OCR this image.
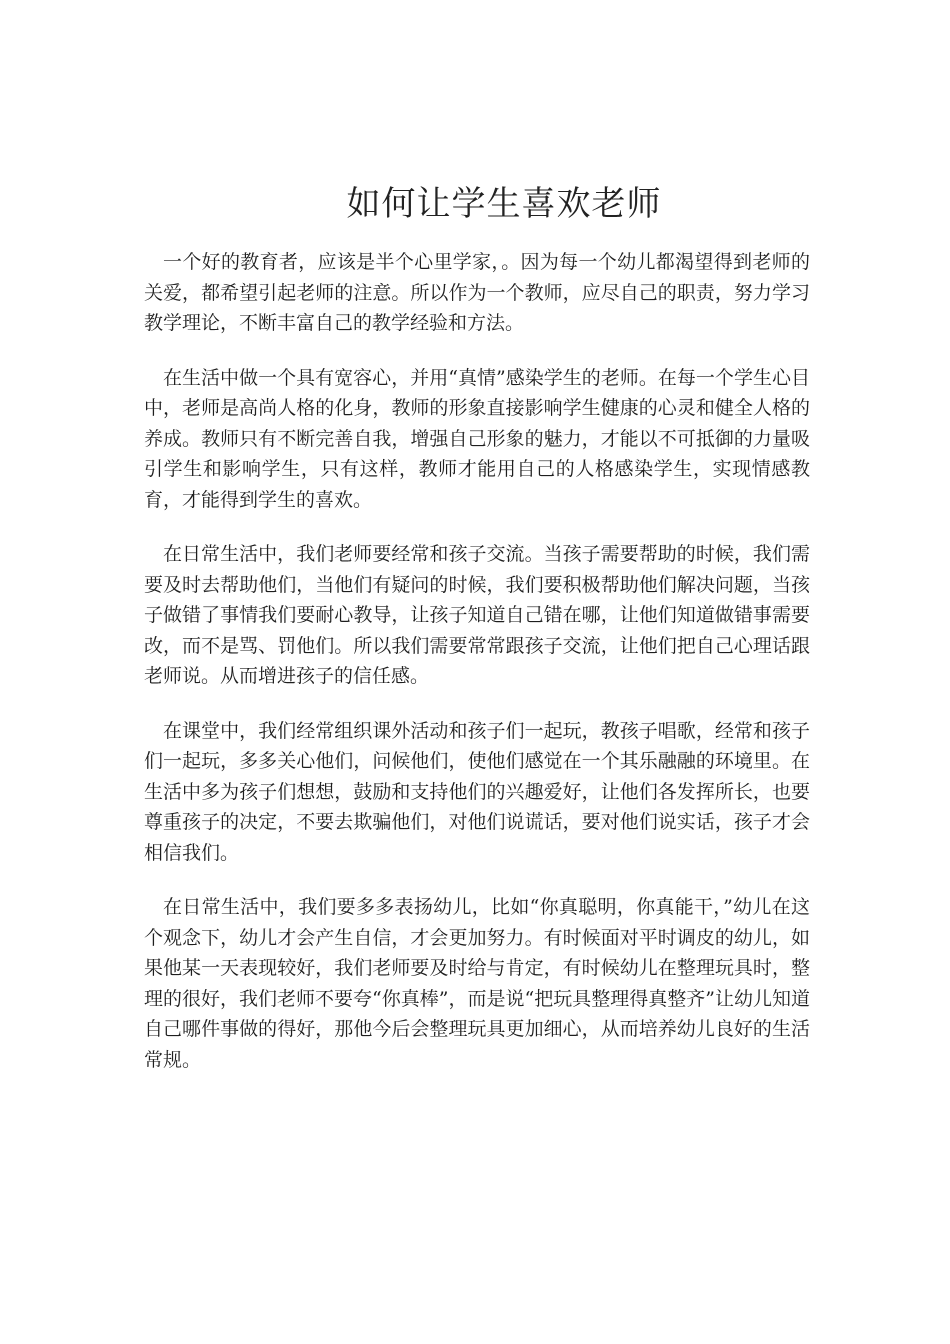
如何让学生喜欢老师

一个好的教育者，应该是半个心里学家，。因为每一个幼儿都渴望得到老师的关爱，都希望引起老师的注意。所以作为一个教师，应尽自己的职责，努力学习教学理论，不断丰富自己的教学经验和方法。

在生活中做一个具有宽容心，并用“真情”感染学生的老师。在每一个学生心目中，老师是高尚人格的化身，教师的形象直接影响学生健康的心灵和健全人格的养成。教师只有不断完善自我，增强自己形象的魅力，才能以不可抵御的力量吸引学生和影响学生，只有这样，教师才能用自己的人格感染学生，实现情感教育，才能得到学生的喜欢。

在日常生活中，我们老师要经常和孩子交流。当孩子需要帮助的时候，我们需要及时去帮助他们，当他们有疑问的时候，我们要积极帮助他们解决问题，当孩子做错了事情我们要耐心教导，让孩子知道自己错在哪，让他们知道做错事需要改，而不是骂、罚他们。所以我们需要常常跟孩子交流，让他们把自己心理话跟老师说。从而增进孩子的信任感。

在课堂中，我们经常组织课外活动和孩子们一起玩，教孩子唱歌，经常和孩子们一起玩，多多关心他们，问候他们，使他们感觉在一个其乐融融的环境里。在生活中多为孩子们想想，鼓励和支持他们的兴趣爱好，让他们各发挥所长，也要尊重孩子的决定，不要去欺骗他们，对他们说谎话，要对他们说实话，孩子才会相信我们。

在日常生活中，我们要多多表扬幼儿，比如“你真聪明，你真能干，”幼儿在这个观念下，幼儿才会产生自信，才会更加努力。有时候面对平时调皮的幼儿，如果他某一天表现较好，我们老师要及时给与肯定，有时候幼儿在整理玩具时，整理的很好，我们老师不要夸“你真棒”，而是说“把玩具整理得真整齐”让幼儿知道自己哪件事做的得好，那他今后会整理玩具更加细心，从而培养幼儿良好的生活常规。
